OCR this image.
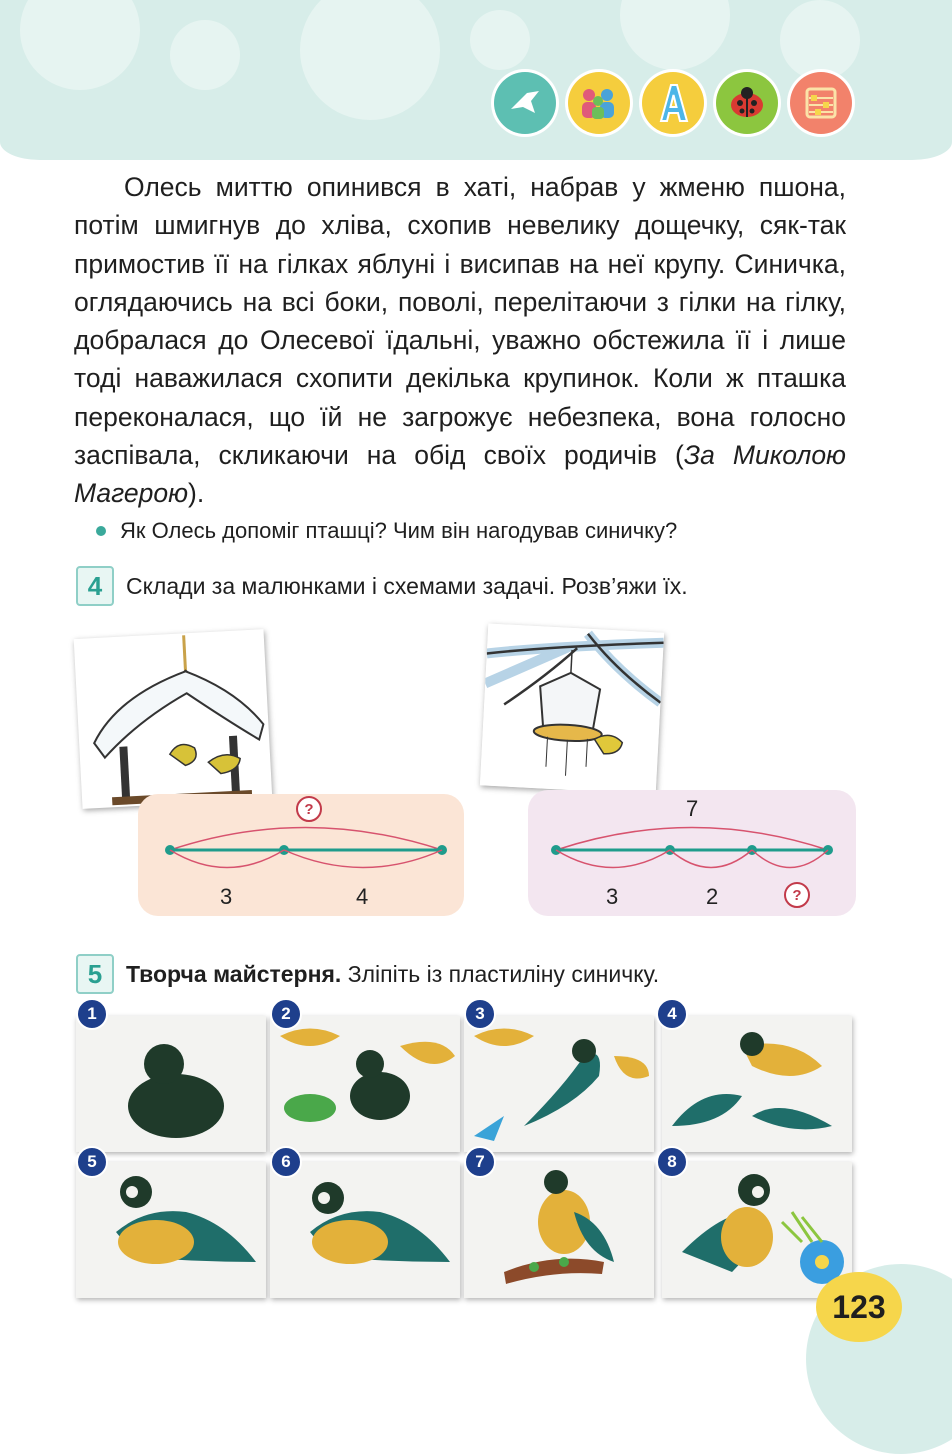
Олесь миттю опинився в хаті, набрав у жменю пшона, потім шмигнув до хліва, схопив невелику дощечку, сяк-так примостив її на гілках яблуні і висипав на неї крупу. Синичка, оглядаючись на всі боки, поволі, перелітаючи з гілки на гілку, добралася до Олесевої їдальні, уважно обстежила її і лише тоді наважилася схопити декілька крупинок. Коли ж пташка переконалася, що їй не загрожує небезпека, вона голосно заспівала, скликаючи на обід своїх родичів (За Миколою Магерою).

Як Олесь допоміг пташці? Чим він нагодував синичку?
4	Склади за малюнками і схемами задачі. Розв’яжи їх.
?
3	4
7
3	2	?
5	Творча майстерня. Зліпіть із пластиліну синичку.
1	2	3	4
5	6	7	8
123
